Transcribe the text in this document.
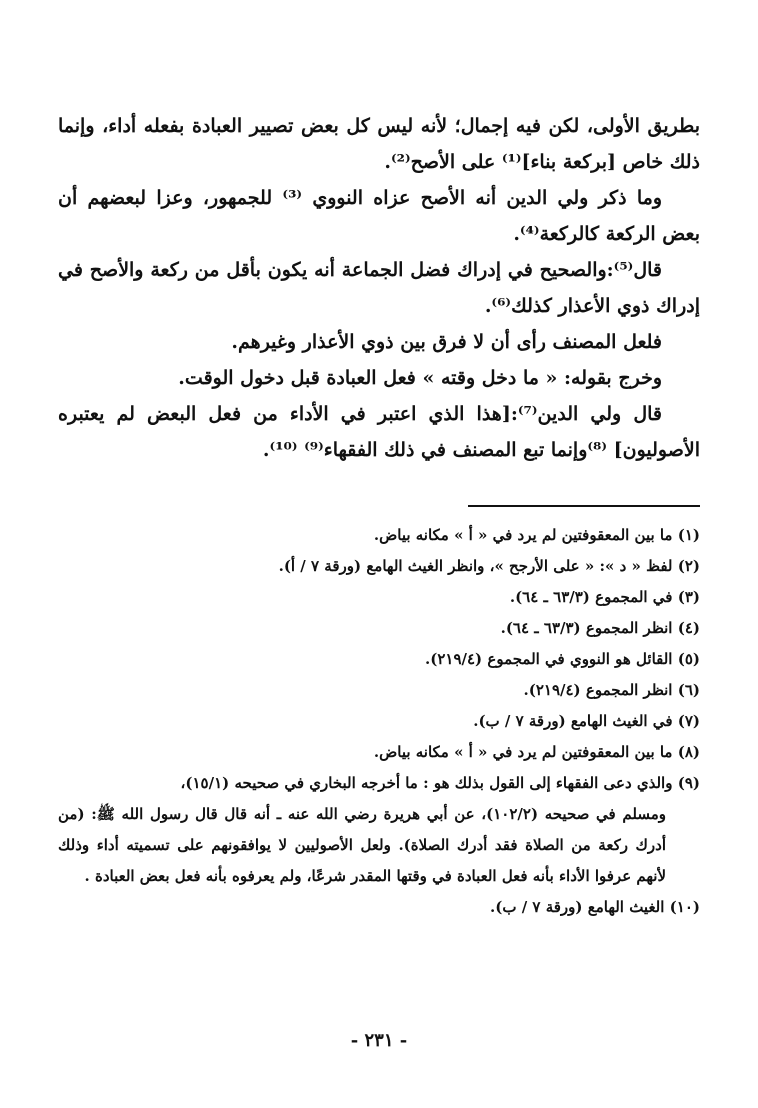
بطريق الأولى، لكن فيه إجمال؛ لأنه ليس كل بعض تصيير العبادة بفعله أداء، وإنما ذلك خاص [بركعة بناء]⁽¹⁾ على الأصح⁽²⁾.

وما ذكر ولي الدين أنه الأصح عزاه النووي ⁽³⁾ للجمهور، وعزا لبعضهم أن بعض الركعة كالركعة⁽⁴⁾.

قال⁽⁵⁾:والصحيح في إدراك فضل الجماعة أنه يكون بأقل من ركعة والأصح في إدراك ذوي الأعذار كذلك⁽⁶⁾.

فلعل المصنف رأى أن لا فرق بين ذوي الأعذار وغيرهم.

وخرج بقوله: « ما دخل وقته » فعل العبادة قبل دخول الوقت.

قال ولي الدين⁽⁷⁾:[هذا الذي اعتبر في الأداء من فعل البعض لم يعتبره الأصوليون] ⁽⁸⁾وإنما تبع المصنف في ذلك الفقهاء⁽⁹⁾ ⁽¹⁰⁾.

(١) ما بين المعقوفتين لم يرد في « أ » مكانه بياض.

(٢) لفظ « د »: « على الأرجح »، وانظر الغيث الهامع (ورقة ٧ / أ).

(٣) في المجموع (٦٣/٣ ـ ٦٤).

(٤) انظر المجموع (٦٣/٣ ـ ٦٤).

(٥) القائل هو النووي في المجموع (٢١٩/٤).

(٦) انظر المجموع (٢١٩/٤).

(٧) في الغيث الهامع (ورقة ٧ / ب).

(٨) ما بين المعقوفتين لم يرد في « أ » مكانه بياض.

(٩) والذي دعى الفقهاء إلى القول بذلك هو : ما أخرجه البخاري في صحيحه (١٥/١)،
ومسلم في صحيحه (١٠٢/٢)، عن أبي هريرة رضي الله عنه ـ أنه قال قال رسول الله ﷺ: (من أدرك ركعة من الصلاة فقد أدرك الصلاة). ولعل الأصوليين لا يوافقونهم على تسميته أداء وذلك لأنهم عرفوا الأداء بأنه فعل العبادة في وقتها المقدر شرعًا، ولم يعرفوه بأنه فعل بعض العبادة .

(١٠) الغيث الهامع (ورقة ٧ / ب).

- ٢٣١ -
